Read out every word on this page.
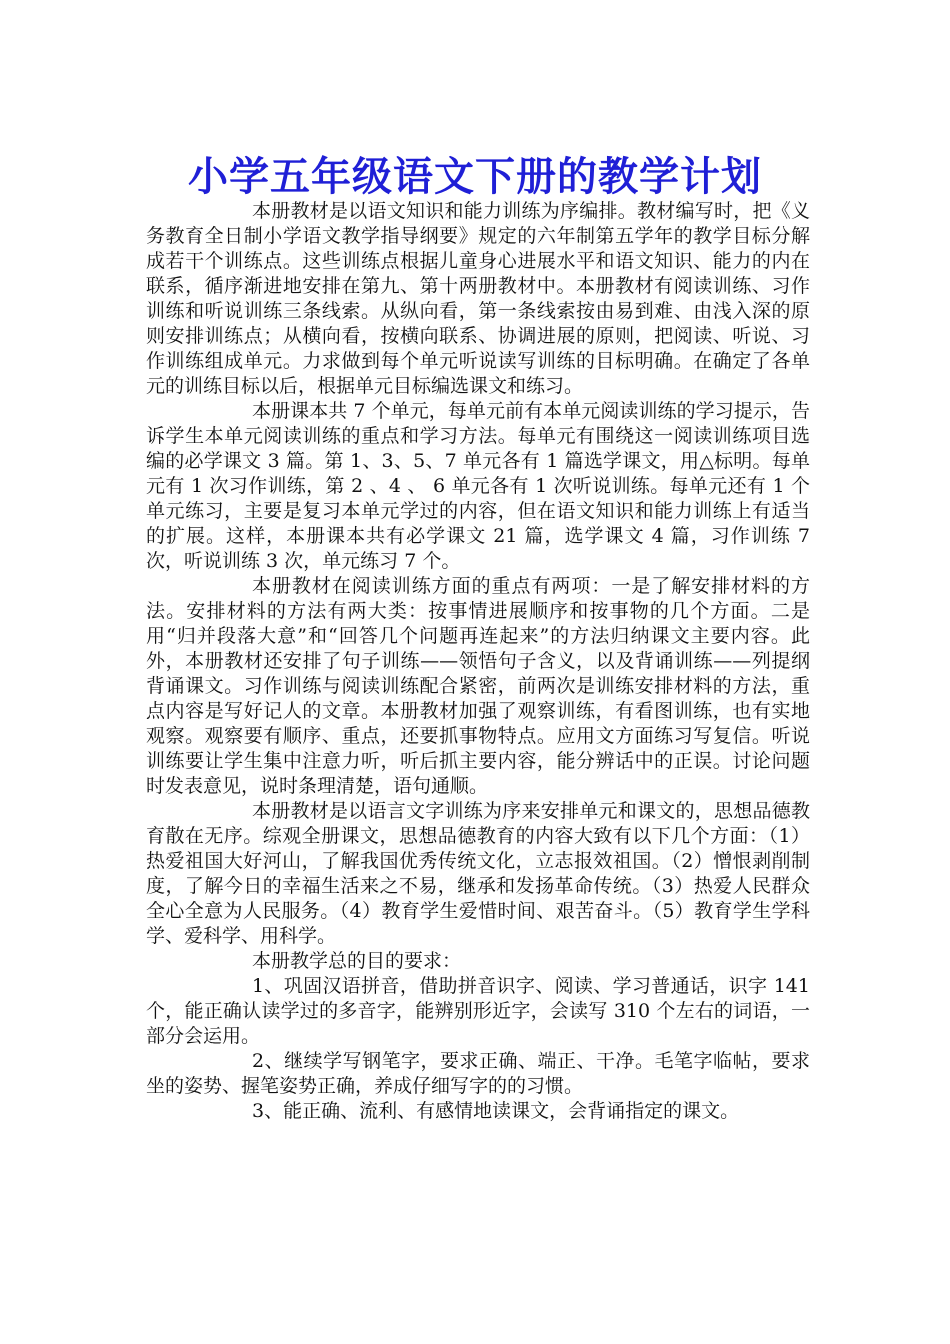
小学五年级语文下册的教学计划

本册教材是以语文知识和能力训练为序编排。教材编写时，把《义务教育全日制小学语文教学指导纲要》规定的六年制第五学年的教学目标分解成若干个训练点。这些训练点根据儿童身心进展水平和语文知识、能力的内在联系，循序渐进地安排在第九、第十两册教材中。本册教材有阅读训练、习作训练和听说训练三条线索。从纵向看，第一条线索按由易到难、由浅入深的原则安排训练点；从横向看，按横向联系、协调进展的原则，把阅读、听说、习作训练组成单元。力求做到每个单元听说读写训练的目标明确。在确定了各单元的训练目标以后，根据单元目标编选课文和练习。

本册课本共 7 个单元，每单元前有本单元阅读训练的学习提示，告诉学生本单元阅读训练的重点和学习方法。每单元有围绕这一阅读训练项目选编的必学课文 3 篇。第 1、3、5、7 单元各有 1 篇选学课文，用△标明。每单元有 1 次习作训练，第 2 、4 、 6 单元各有 1 次听说训练。每单元还有 1 个单元练习，主要是复习本单元学过的内容，但在语文知识和能力训练上有适当的扩展。这样，本册课本共有必学课文 21 篇，选学课文 4 篇，习作训练 7 次，听说训练 3 次，单元练习 7 个。

本册教材在阅读训练方面的重点有两项：一是了解安排材料的方法。安排材料的方法有两大类：按事情进展顺序和按事物的几个方面。二是用“归并段落大意”和“回答几个问题再连起来”的方法归纳课文主要内容。此外，本册教材还安排了句子训练——领悟句子含义，以及背诵训练——列提纲背诵课文。习作训练与阅读训练配合紧密，前两次是训练安排材料的方法，重点内容是写好记人的文章。本册教材加强了观察训练，有看图训练，也有实地观察。观察要有顺序、重点，还要抓事物特点。应用文方面练习写复信。听说训练要让学生集中注意力听，听后抓主要内容，能分辨话中的正误。讨论问题时发表意见，说时条理清楚，语句通顺。

本册教材是以语言文字训练为序来安排单元和课文的，思想品德教育散在无序。综观全册课文，思想品德教育的内容大致有以下几个方面：（1）热爱祖国大好河山，了解我国优秀传统文化，立志报效祖国。（2）憎恨剥削制度，了解今日的幸福生活来之不易，继承和发扬革命传统。（3）热爱人民群众全心全意为人民服务。（4）教育学生爱惜时间、艰苦奋斗。（5）教育学生学科学、爱科学、用科学。

本册教学总的目的要求：

1、巩固汉语拼音，借助拼音识字、阅读、学习普通话，识字 141 个，能正确认读学过的多音字，能辨别形近字，会读写 310 个左右的词语，一部分会运用。

2、继续学写钢笔字，要求正确、端正、干净。毛笔字临帖，要求坐的姿势、握笔姿势正确，养成仔细写字的的习惯。

3、能正确、流利、有感情地读课文，会背诵指定的课文。
